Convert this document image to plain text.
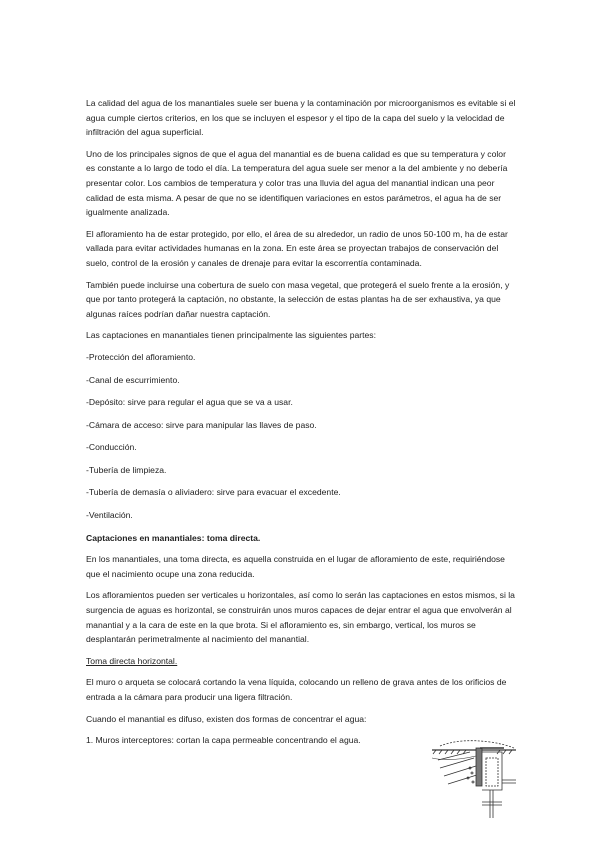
La calidad del agua de los manantiales suele ser buena y la contaminación por microorganismos es evitable si el agua cumple ciertos criterios, en los que se incluyen el espesor y el tipo de la capa del suelo y la velocidad de infiltración del agua superficial.

Uno de los principales signos de que el agua del manantial es de buena calidad es que su temperatura y color es constante a lo largo de todo el día. La temperatura del agua suele ser menor a la del ambiente y no debería presentar color. Los cambios de temperatura y color tras una lluvia del agua del manantial indican una peor calidad de esta misma. A pesar de que no se identifiquen variaciones en estos parámetros, el agua ha de ser igualmente analizada.

El afloramiento ha de estar protegido, por ello, el área de su alrededor, un radio de unos 50-100 m, ha de estar vallada para evitar actividades humanas en la zona. En este área se proyectan trabajos de conservación del suelo, control de la erosión y canales de drenaje para evitar la escorrentía contaminada.

También puede incluirse una cobertura de suelo con masa vegetal, que protegerá el suelo frente a la erosión, y que por tanto protegerá la captación, no obstante, la selección de estas plantas ha de ser exhaustiva, ya que algunas raíces podrían dañar nuestra captación.

Las captaciones en manantiales tienen principalmente las siguientes partes:

-Protección del afloramiento.

-Canal de escurrimiento.

-Depósito: sirve para regular el agua que se va a usar.

-Cámara de acceso: sirve para manipular las llaves de paso.

-Conducción.

-Tubería de limpieza.

-Tubería de demasía o aliviadero: sirve para evacuar el excedente.

-Ventilación.

Captaciones en manantiales: toma directa.

En los manantiales, una toma directa, es aquella construida en el lugar de afloramiento de este, requiriéndose que el nacimiento ocupe una zona reducida.

Los afloramientos pueden ser verticales u horizontales, así como lo serán las captaciones en estos mismos, si la surgencia de aguas es horizontal, se construirán unos muros capaces de dejar entrar el agua que envolverán al manantial y a la cara de este en la que brota. Si el afloramiento es, sin embargo, vertical, los muros se desplantarán perimetralmente al nacimiento del manantial.

Toma directa horizontal.

El muro o arqueta se colocará cortando la vena líquida, colocando un relleno de grava antes de los orificios de entrada a la cámara para producir una ligera filtración.

Cuando el manantial es difuso, existen dos formas de concentrar el agua:

1. Muros interceptores: cortan la capa permeable concentrando el agua.
